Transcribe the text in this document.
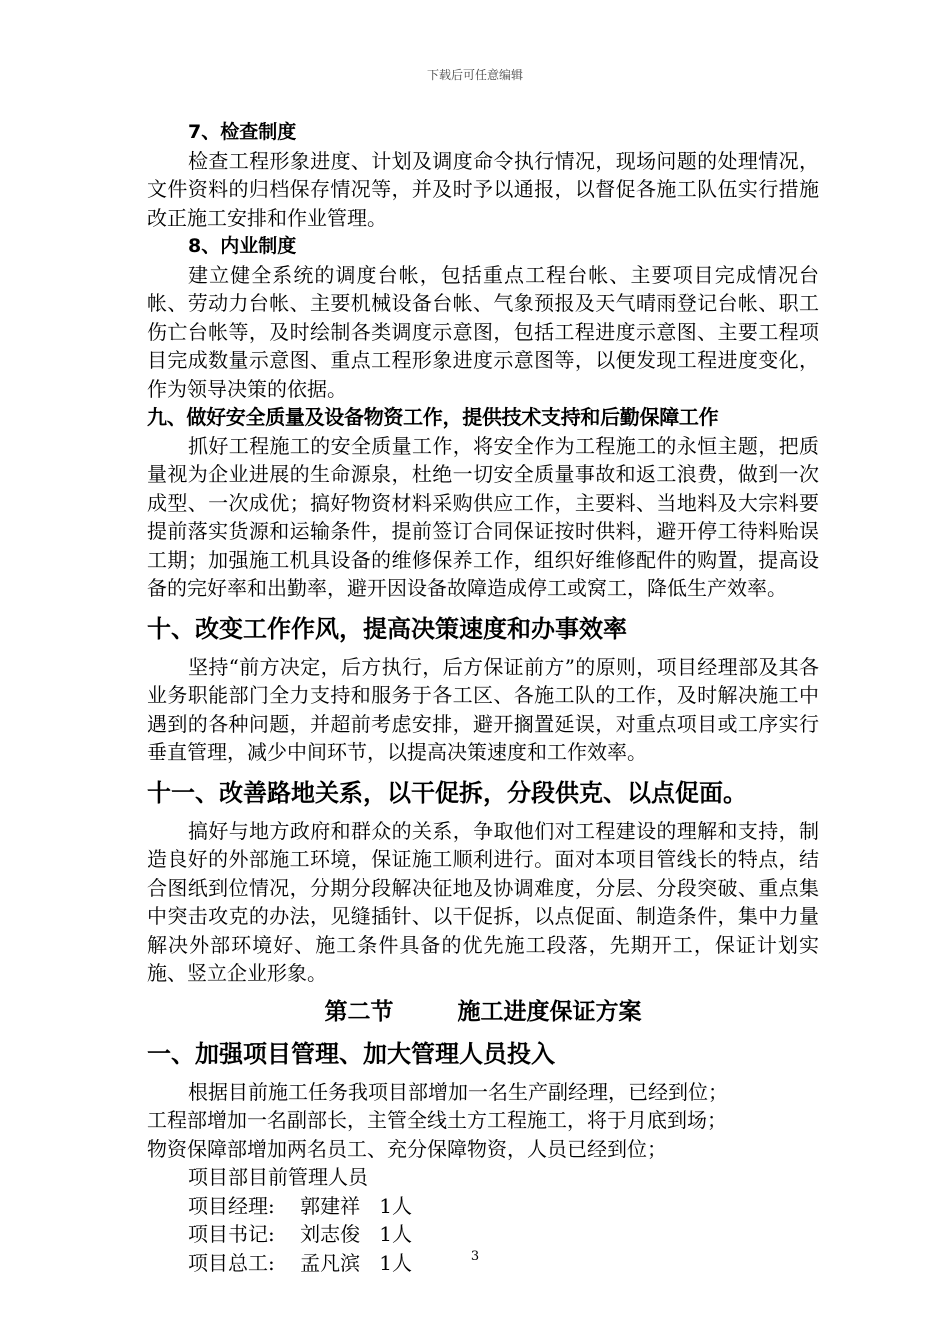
下载后可任意编辑

7、检查制度

检查工程形象进度、计划及调度命令执行情况，现场问题的处理情况，文件资料的归档保存情况等，并及时予以通报，以督促各施工队伍实行措施改正施工安排和作业管理。

8、内业制度

建立健全系统的调度台帐，包括重点工程台帐、主要项目完成情况台帐、劳动力台帐、主要机械设备台帐、气象预报及天气晴雨登记台帐、职工伤亡台帐等，及时绘制各类调度示意图，包括工程进度示意图、主要工程项目完成数量示意图、重点工程形象进度示意图等，以便发现工程进度变化，作为领导决策的依据。

九、做好安全质量及设备物资工作，提供技术支持和后勤保障工作

抓好工程施工的安全质量工作，将安全作为工程施工的永恒主题，把质量视为企业进展的生命源泉，杜绝一切安全质量事故和返工浪费，做到一次成型、一次成优；搞好物资材料采购供应工作，主要料、当地料及大宗料要提前落实货源和运输条件，提前签订合同保证按时供料，避开停工待料贻误工期；加强施工机具设备的维修保养工作，组织好维修配件的购置，提高设备的完好率和出勤率，避开因设备故障造成停工或窝工，降低生产效率。

十、改变工作作风，提高决策速度和办事效率

坚持“前方决定，后方执行，后方保证前方”的原则，项目经理部及其各业务职能部门全力支持和服务于各工区、各施工队的工作，及时解决施工中遇到的各种问题，并超前考虑安排，避开搁置延误，对重点项目或工序实行垂直管理，减少中间环节，以提高决策速度和工作效率。

十一、改善路地关系，以干促拆，分段供克、以点促面。

搞好与地方政府和群众的关系，争取他们对工程建设的理解和支持，制造良好的外部施工环境，保证施工顺利进行。面对本项目管线长的特点，结合图纸到位情况，分期分段解决征地及协调难度，分层、分段突破、重点集中突击攻克的办法，见缝插针、以干促拆，以点促面、制造条件，集中力量解决外部环境好、施工条件具备的优先施工段落，先期开工，保证计划实施、竖立企业形象。

第二节        施工进度保证方案

一、加强项目管理、加大管理人员投入

根据目前施工任务我项目部增加一名生产副经理，已经到位；

工程部增加一名副部长，主管全线土方工程施工，将于月底到场；

物资保障部增加两名员工、充分保障物资，人员已经到位；

项目部目前管理人员

项目经理:    郭建祥   1人

项目书记:    刘志俊   1人

项目总工:    孟凡滨   1人	3
